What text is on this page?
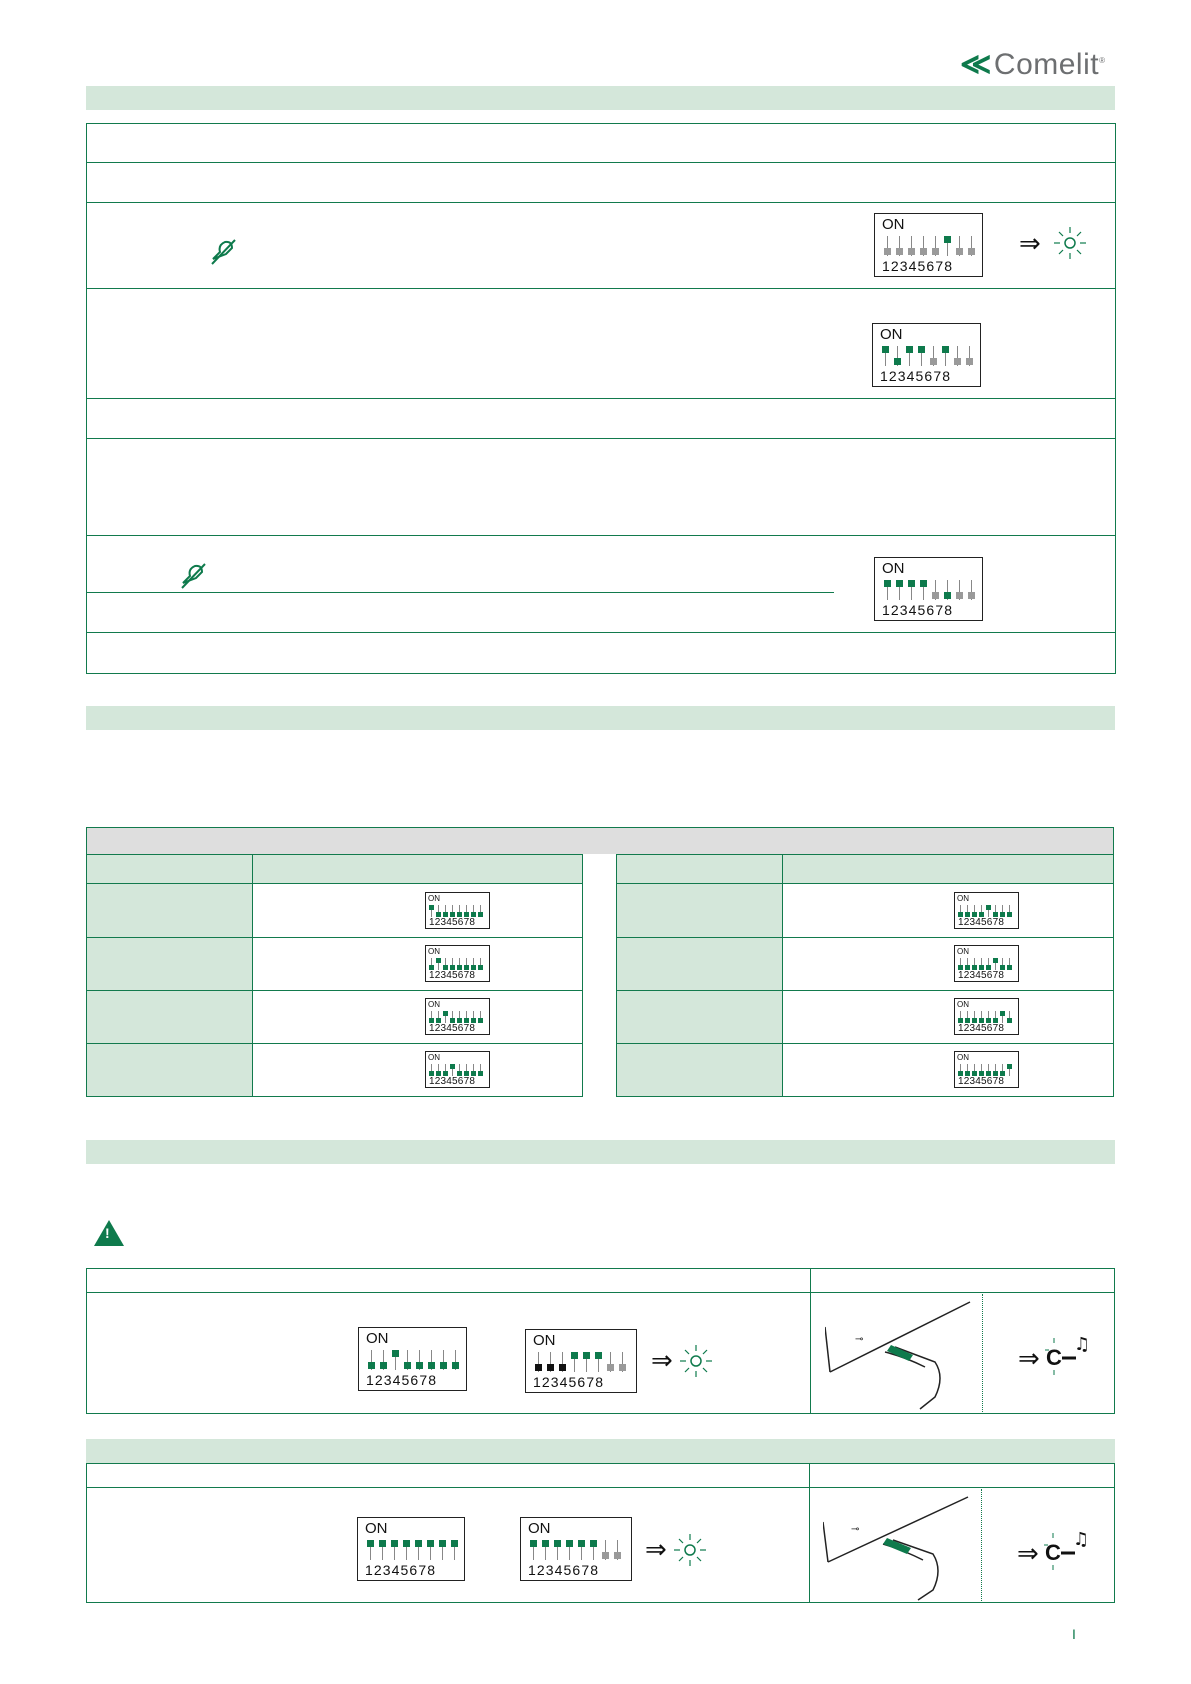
≪Comelit®
ON
12345678
⇒
ON
12345678
ON
12345678
ON
12345678
ON
12345678
ON
12345678
ON
12345678
ON
12345678
ON
12345678
ON
12345678
ON
12345678
!
ON
12345678
ON
12345678
⇒
⊸
⇒ C
♫
ON
12345678
ON
12345678
⇒
⊸
⇒ C
♫
I
